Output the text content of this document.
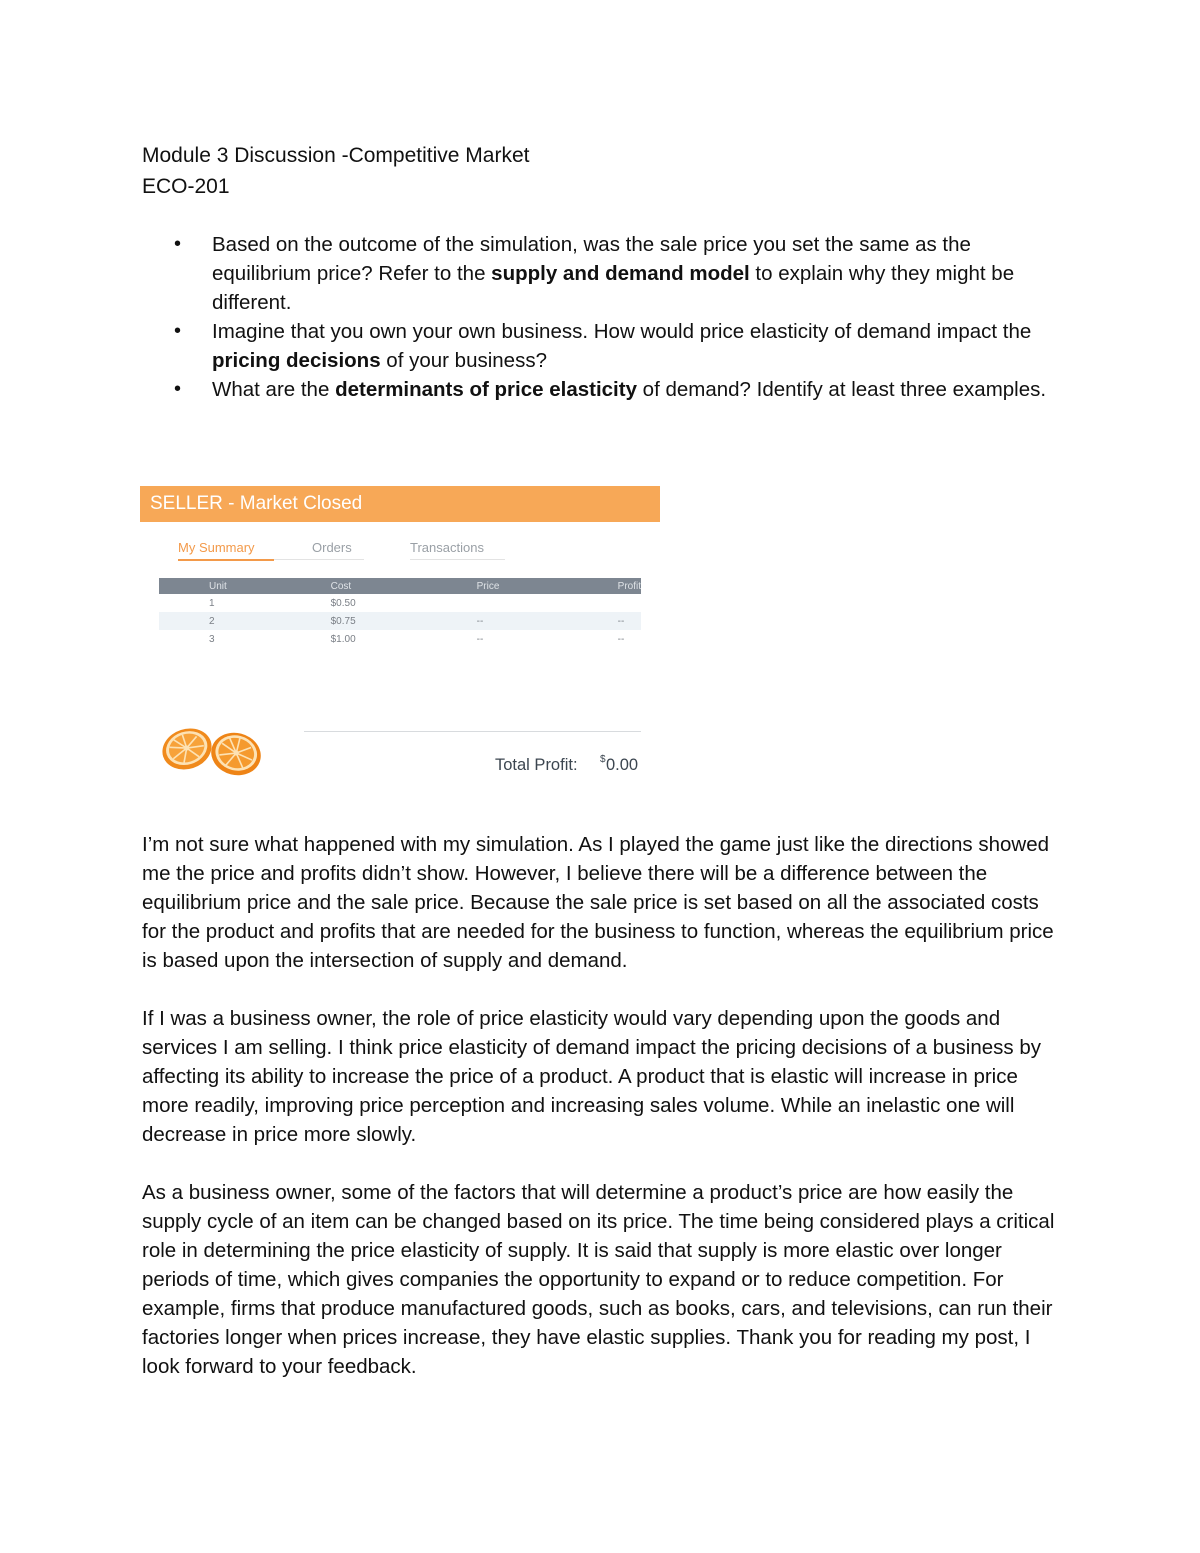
Module 3 Discussion -Competitive Market

ECO-201

• Based on the outcome of the simulation, was the sale price you set the same as the equilibrium price? Refer to the supply and demand model to explain why they might be different.
• Imagine that you own your own business. How would price elasticity of demand impact the pricing decisions of your business?
• What are the determinants of price elasticity of demand? Identify at least three examples.
SELLER - Market Closed
My Summary	Orders	Transactions
Unit	Cost	Price	Profit
1	$0.50		
2	$0.75	--	--
3	$1.00	--	--
Total Profit: $ 0.00

I’m not sure what happened with my simulation. As I played the game just like the directions showed me the price and profits didn’t show. However, I believe there will be a difference between the equilibrium price and the sale price. Because the sale price is set based on all the associated costs for the product and profits that are needed for the business to function, whereas the equilibrium price is based upon the intersection of supply and demand.

If I was a business owner, the role of price elasticity would vary depending upon the goods and services I am selling. I think price elasticity of demand impact the pricing decisions of a business by affecting its ability to increase the price of a product. A product that is elastic will increase in price more readily, improving price perception and increasing sales volume. While an inelastic one will decrease in price more slowly.

As a business owner, some of the factors that will determine a product’s price are how easily the supply cycle of an item can be changed based on its price. The time being considered plays a critical role in determining the price elasticity of supply. It is said that supply is more elastic over longer periods of time, which gives companies the opportunity to expand or to reduce competition. For example, firms that produce manufactured goods, such as books, cars, and televisions, can run their factories longer when prices increase, they have elastic supplies. Thank you for reading my post, I look forward to your feedback.
